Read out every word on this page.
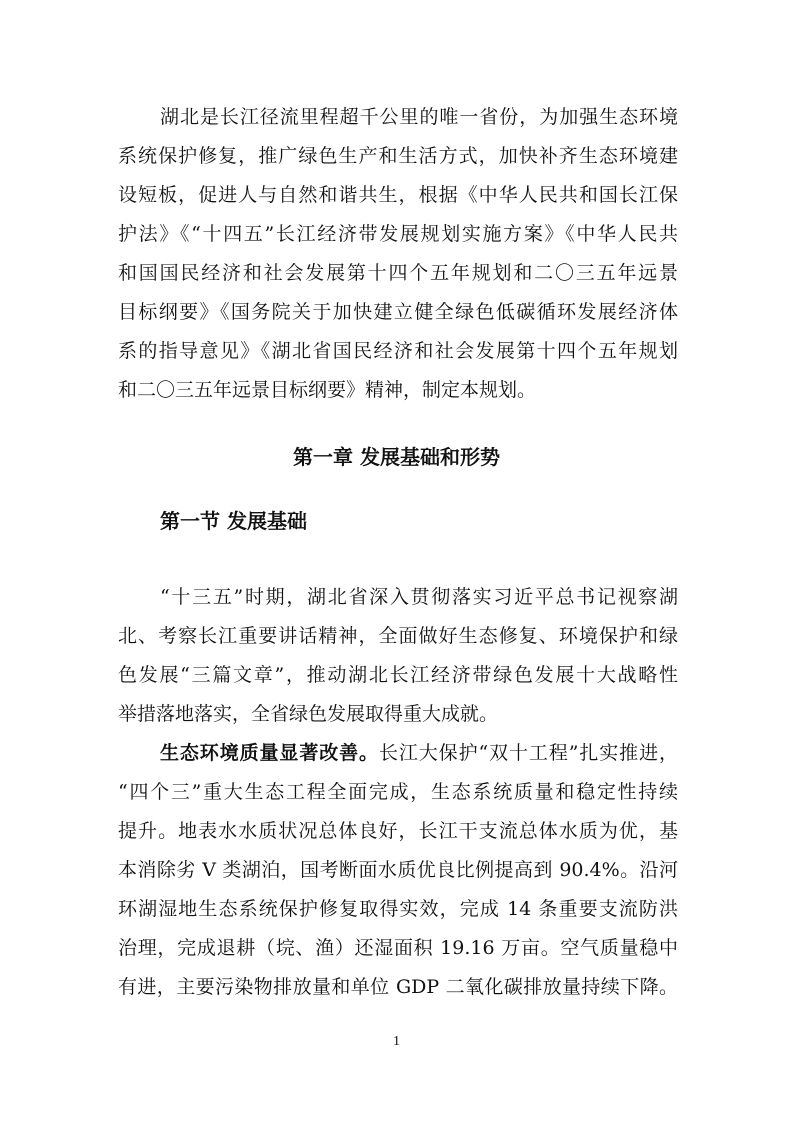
湖北是长江径流里程超千公里的唯一省份，为加强生态环境
系统保护修复，推广绿色生产和生活方式，加快补齐生态环境建
设短板，促进人与自然和谐共生，根据《中华人民共和国长江保
护法》《“十四五”长江经济带发展规划实施方案》《中华人民共
和国国民经济和社会发展第十四个五年规划和二〇三五年远景
目标纲要》《国务院关于加快建立健全绿色低碳循环发展经济体
系的指导意见》《湖北省国民经济和社会发展第十四个五年规划
和二〇三五年远景目标纲要》精神，制定本规划。
第一章 发展基础和形势
第一节 发展基础
“十三五”时期，湖北省深入贯彻落实习近平总书记视察湖
北、考察长江重要讲话精神，全面做好生态修复、环境保护和绿
色发展“三篇文章”，推动湖北长江经济带绿色发展十大战略性
举措落地落实，全省绿色发展取得重大成就。
生态环境质量显著改善。长江大保护“双十工程”扎实推进，
“四个三”重大生态工程全面完成，生态系统质量和稳定性持续
提升。地表水水质状况总体良好，长江干支流总体水质为优，基
本消除劣 V 类湖泊，国考断面水质优良比例提高到 90.4%。沿河
环湖湿地生态系统保护修复取得实效，完成 14 条重要支流防洪
治理，完成退耕（垸、渔）还湿面积 19.16 万亩。空气质量稳中
有进，主要污染物排放量和单位 GDP 二氧化碳排放量持续下降。
1
